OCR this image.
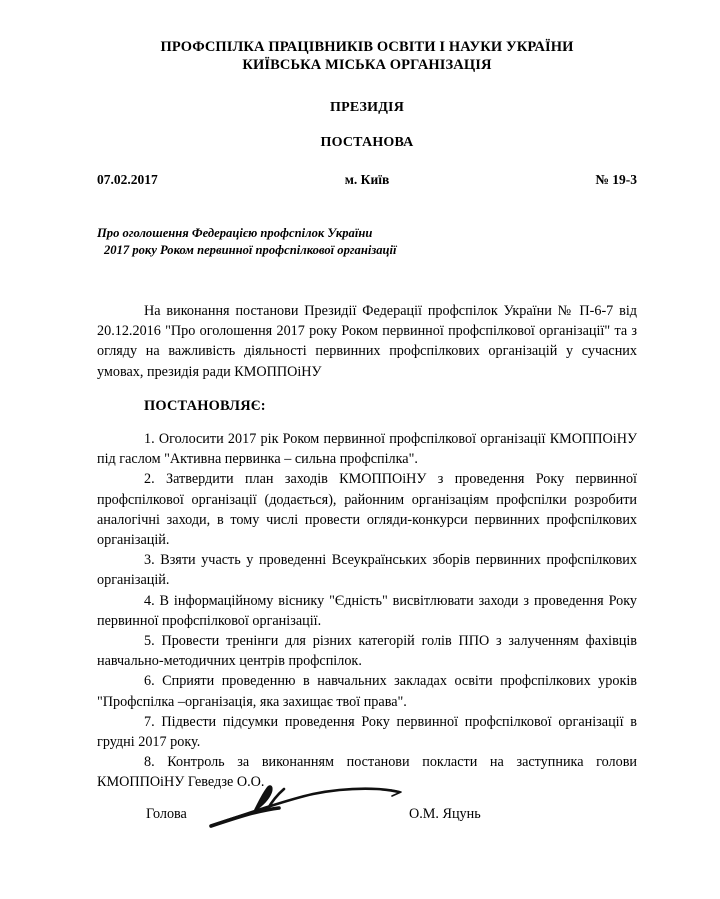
ПРОФСПІЛКА ПРАЦІВНИКІВ ОСВІТИ І НАУКИ УКРАЇНИ
КИЇВСЬКА МІСЬКА ОРГАНІЗАЦІЯ
ПРЕЗИДІЯ
ПОСТАНОВА
07.02.2017	м. Київ	№ 19-3
Про оголошення Федерацією профспілок України
2017 року Роком первинної профспілкової організації

На виконання постанови Президії Федерації профспілок України № П-6-7 від 20.12.2016 "Про оголошення 2017 року Роком первинної профспілкової організації" та з огляду на важливість діяльності первинних профспілкових організацій у сучасних умовах, президія ради КМОППОіНУ

ПОСТАНОВЛЯЄ:

1. Оголосити 2017 рік Роком первинної профспілкової організації КМОППОіНУ під гаслом "Активна первинка – сильна профспілка".

2. Затвердити план заходів КМОППОіНУ з проведення Року первинної профспілкової організації (додається), районним організаціям профспілки розробити аналогічні заходи, в тому числі провести огляди-конкурси первинних профспілкових організацій.

3. Взяти участь у проведенні Всеукраїнських зборів первинних профспілкових організацій.

4. В інформаційному віснику "Єдність" висвітлювати заходи з проведення Року первинної профспілкової організації.

5. Провести тренінги для різних категорій голів ППО з залученням фахівців навчально-методичних центрів профспілок.

6. Сприяти проведенню в навчальних закладах освіти профспілкових уроків "Профспілка –організація, яка захищає твої права".

7. Підвести підсумки проведення Року первинної профспілкової організації в грудні 2017 року.

8. Контроль за виконанням постанови покласти на заступника голови КМОППОіНУ Геведзе О.О.

Голова	О.М. Яцунь
